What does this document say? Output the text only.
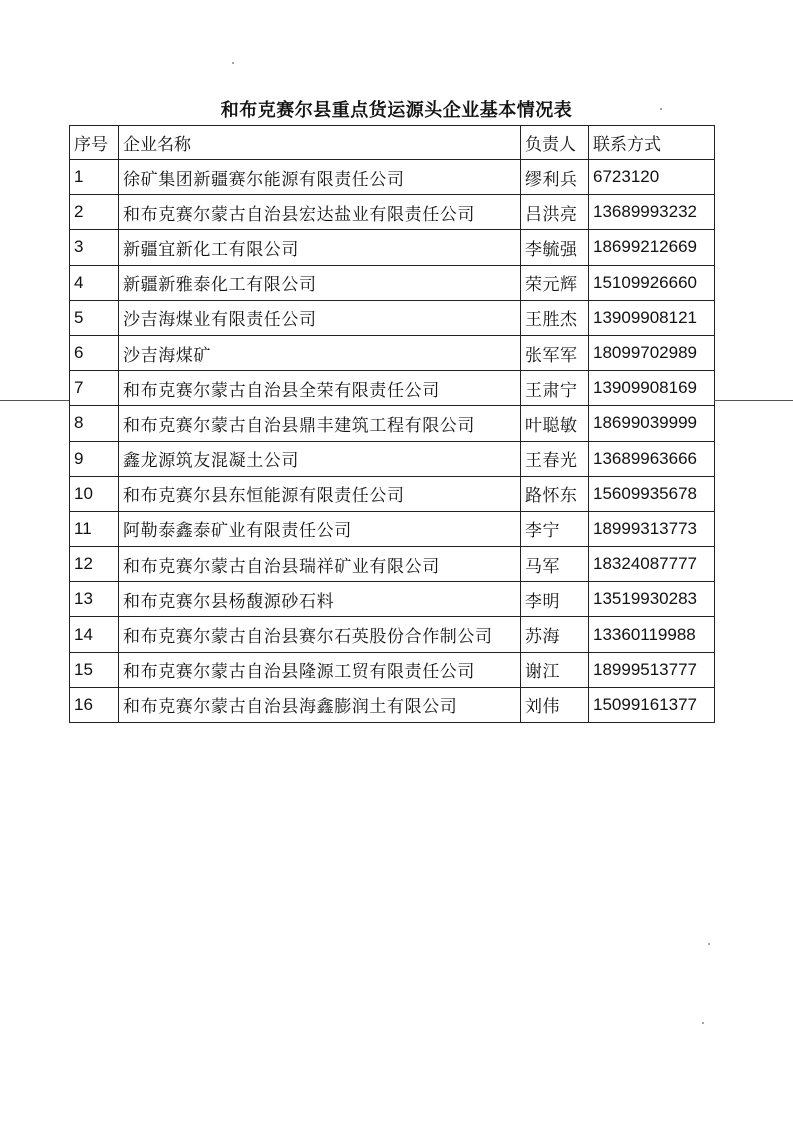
和布克赛尔县重点货运源头企业基本情况表
序号	企业名称	负责人	联系方式
1	徐矿集团新疆赛尔能源有限责任公司	缪利兵	6723120
2	和布克赛尔蒙古自治县宏达盐业有限责任公司	吕洪亮	13689993232
3	新疆宜新化工有限公司	李毓强	18699212669
4	新疆新雅泰化工有限公司	荣元辉	15109926660
5	沙吉海煤业有限责任公司	王胜杰	13909908121
6	沙吉海煤矿	张军军	18099702989
7	和布克赛尔蒙古自治县全荣有限责任公司	王肃宁	13909908169
8	和布克赛尔蒙古自治县鼎丰建筑工程有限公司	叶聪敏	18699039999
9	鑫龙源筑友混凝土公司	王春光	13689963666
10	和布克赛尔县东恒能源有限责任公司	路怀东	15609935678
11	阿勒泰鑫泰矿业有限责任公司	李宁	18999313773
12	和布克赛尔蒙古自治县瑞祥矿业有限公司	马军	18324087777
13	和布克赛尔县杨馥源砂石料	李明	13519930283
14	和布克赛尔蒙古自治县赛尔石英股份合作制公司	苏海	13360119988
15	和布克赛尔蒙古自治县隆源工贸有限责任公司	谢江	18999513777
16	和布克赛尔蒙古自治县海鑫膨润土有限公司	刘伟	15099161377
